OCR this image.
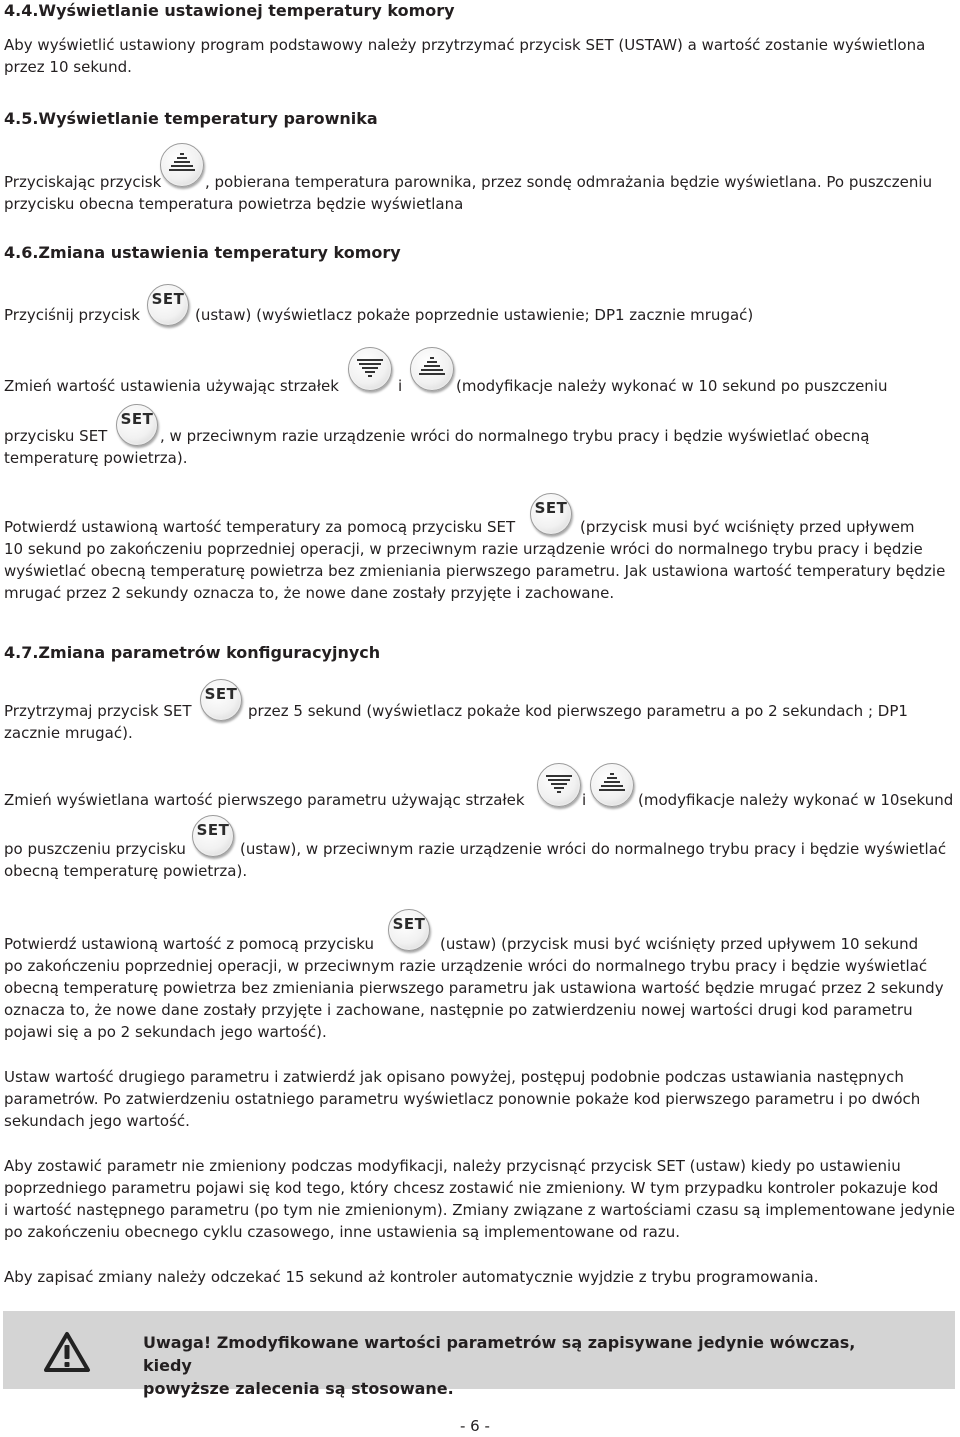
4.4.Wyświetlanie ustawionej temperatury komory
Aby wyświetlić ustawiony program podstawowy należy przytrzymać przycisk SET (USTAW) a wartość zostanie wyświetlona
przez 10 sekund.
4.5.Wyświetlanie temperatury parownika
Przyciskając przycisk	, pobierana temperatura parownika, przez sondę odmrażania będzie wyświetlana. Po puszczeniu
przycisku obecna temperatura powietrza będzie wyświetlana
4.6.Zmiana ustawienia temperatury komory
Przyciśnij przycisk
SET
(ustaw) (wyświetlacz pokaże poprzednie ustawienie; DP1 zacznie mrugać)
Zmień wartość ustawienia używając strzałek	i	(modyfikacje należy wykonać w 10 sekund po puszczeniu
przycisku SET
SET
, w przeciwnym razie urządzenie wróci do normalnego trybu pracy i będzie wyświetlać obecną
temperaturę powietrza).
Potwierdź ustawioną wartość temperatury za pomocą przycisku SET
SET
(przycisk musi być wciśnięty przed upływem
10 sekund po zakończeniu poprzedniej operacji, w przeciwnym razie urządzenie wróci do normalnego trybu pracy i będzie
wyświetlać obecną temperaturę powietrza bez zmieniania pierwszego parametru. Jak ustawiona wartość temperatury będzie
mrugać przez 2 sekundy oznacza to, że nowe dane zostały przyjęte i zachowane.
4.7.Zmiana parametrów konfiguracyjnych
Przytrzymaj przycisk SET
SET
przez 5 sekund (wyświetlacz pokaże kod pierwszego parametru a po 2 sekundach ; DP1
zacznie mrugać).
Zmień wyświetlana wartość pierwszego parametru używając strzałek	i	(modyfikacje należy wykonać w 10sekund
po puszczeniu przycisku
SET
(ustaw), w przeciwnym razie urządzenie wróci do normalnego trybu pracy i będzie wyświetlać
obecną temperaturę powietrza).
Potwierdź ustawioną wartość z pomocą przycisku
SET
(ustaw) (przycisk musi być wciśnięty przed upływem 10 sekund
po zakończeniu poprzedniej operacji, w przeciwnym razie urządzenie wróci do normalnego trybu pracy i będzie wyświetlać
obecną temperaturę powietrza bez zmieniania pierwszego parametru jak ustawiona wartość będzie mrugać przez 2 sekundy
oznacza to, że nowe dane zostały przyjęte i zachowane, następnie po zatwierdzeniu nowej wartości drugi kod parametru
pojawi się a po 2 sekundach jego wartość).
Ustaw wartość drugiego parametru i zatwierdź jak opisano powyżej, postępuj podobnie podczas ustawiania następnych
parametrów. Po zatwierdzeniu ostatniego parametru wyświetlacz ponownie pokaże kod pierwszego parametru i po dwóch
sekundach jego wartość.
Aby zostawić parametr nie zmieniony podczas modyfikacji, należy przycisnąć przycisk SET (ustaw) kiedy po ustawieniu
poprzedniego parametru pojawi się kod tego, który chcesz zostawić nie zmieniony. W tym przypadku kontroler pokazuje kod
i wartość następnego parametru (po tym nie zmienionym). Zmiany związane z wartościami czasu są implementowane jedynie
po zakończeniu obecnego cyklu czasowego, inne ustawienia są implementowane od razu.
Aby zapisać zmiany należy odczekać 15 sekund aż kontroler automatycznie wyjdzie z trybu programowania.
Uwaga! Zmodyfikowane wartości parametrów są zapisywane jedynie wówczas, kiedy
powyższe zalecenia są stosowane.
- 6 -
